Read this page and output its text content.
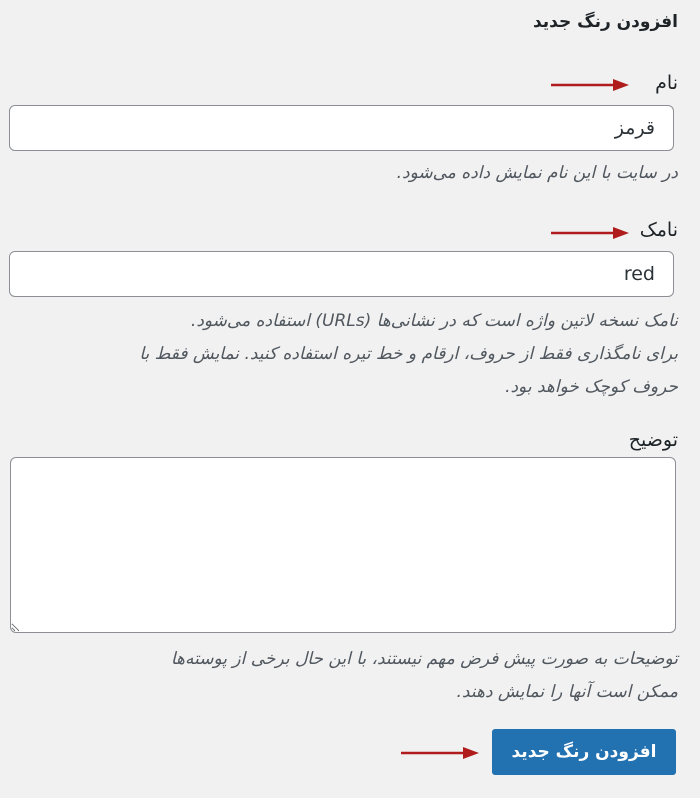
افزودن رنگ جدید
نام
قرمز

در سایت با این نام نمایش داده می‌شود.

نامک
red

نامک نسخه لاتین واژه است که در نشانی‌ها (URLs) استفاده می‌شود.
برای نامگذاری فقط از حروف، ارقام و خط تیره استفاده کنید. نمایش فقط با
حروف کوچک خواهد بود.

توضیح

توضیحات به صورت پیش فرض مهم نیستند، با این حال برخی از پوسته‌ها
ممکن است آنها را نمایش دهند.

افزودن رنگ جدید
